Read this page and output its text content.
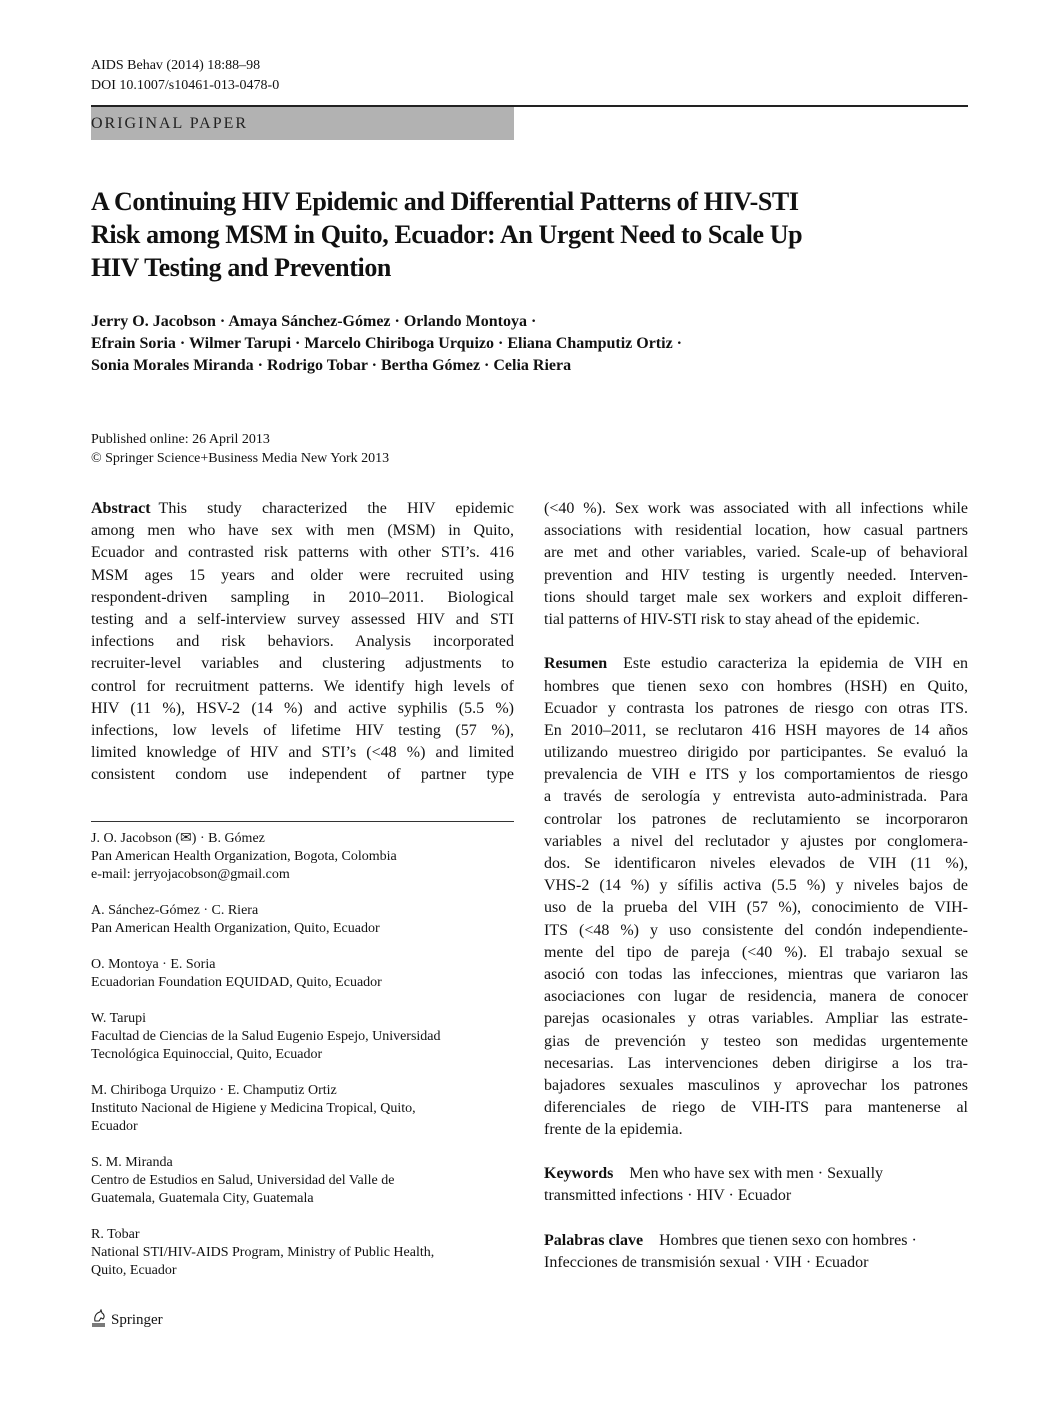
AIDS Behav (2014) 18:88–98
DOI 10.1007/s10461-013-0478-0
ORIGINAL PAPER
A Continuing HIV Epidemic and Differential Patterns of HIV-STI
Risk among MSM in Quito, Ecuador: An Urgent Need to Scale Up
HIV Testing and Prevention
Jerry O. Jacobson · Amaya Sánchez-Gómez · Orlando Montoya ·
Efrain Soria · Wilmer Tarupi · Marcelo Chiriboga Urquizo · Eliana Champutiz Ortiz ·
Sonia Morales Miranda · Rodrigo Tobar · Bertha Gómez · Celia Riera
Published online: 26 April 2013
© Springer Science+Business Media New York 2013
Abstract  This study characterized the HIV epidemic
among men who have sex with men (MSM) in Quito,
Ecuador and contrasted risk patterns with other STI’s. 416
MSM ages 15 years and older were recruited using
respondent-driven sampling in 2010–2011. Biological
testing and a self-interview survey assessed HIV and STI
infections and risk behaviors. Analysis incorporated
recruiter-level variables and clustering adjustments to
control for recruitment patterns. We identify high levels of
HIV (11 %), HSV-2 (14 %) and active syphilis (5.5 %)
infections, low levels of lifetime HIV testing (57 %),
limited knowledge of HIV and STI’s (<48 %) and limited
consistent condom use independent of partner type
(<40 %). Sex work was associated with all infections while
associations with residential location, how casual partners
are met and other variables, varied. Scale-up of behavioral
prevention and HIV testing is urgently needed. Interven-
tions should target male sex workers and exploit differen-
tial patterns of HIV-STI risk to stay ahead of the epidemic.
Resumen  Este estudio caracteriza la epidemia de VIH en
hombres que tienen sexo con hombres (HSH) en Quito,
Ecuador y contrasta los patrones de riesgo con otras ITS.
En 2010–2011, se reclutaron 416 HSH mayores de 14 años
utilizando muestreo dirigido por participantes. Se evaluó la
prevalencia de VIH e ITS y los comportamientos de riesgo
a través de serología y entrevista auto-administrada. Para
controlar los patrones de reclutamiento se incorporaron
variables a nivel del reclutador y ajustes por conglomera-
dos. Se identificaron niveles elevados de VIH (11 %),
VHS-2 (14 %) y sífilis activa (5.5 %) y niveles bajos de
uso de la prueba del VIH (57 %), conocimiento de VIH-
ITS (<48 %) y uso consistente del condón independiente-
mente del tipo de pareja (<40 %). El trabajo sexual se
asoció con todas las infecciones, mientras que variaron las
asociaciones con lugar de residencia, manera de conocer
parejas ocasionales y otras variables. Ampliar las estrate-
gias de prevención y testeo son medidas urgentemente
necesarias. Las intervenciones deben dirigirse a los tra-
bajadores sexuales masculinos y aprovechar los patrones
diferenciales de riego de VIH-ITS para mantenerse al
frente de la epidemia.
J. O. Jacobson (✉) · B. Gómez
Pan American Health Organization, Bogota, Colombia
e-mail: jerryojacobson@gmail.com
A. Sánchez-Gómez · C. Riera
Pan American Health Organization, Quito, Ecuador
O. Montoya · E. Soria
Ecuadorian Foundation EQUIDAD, Quito, Ecuador
W. Tarupi
Facultad de Ciencias de la Salud Eugenio Espejo, Universidad
Tecnológica Equinoccial, Quito, Ecuador
M. Chiriboga Urquizo · E. Champutiz Ortiz
Instituto Nacional de Higiene y Medicina Tropical, Quito,
Ecuador
S. M. Miranda
Centro de Estudios en Salud, Universidad del Valle de
Guatemala, Guatemala City, Guatemala
R. Tobar
National STI/HIV-AIDS Program, Ministry of Public Health,
Quito, Ecuador
Keywords  Men who have sex with men · Sexually
transmitted infections · HIV · Ecuador
Palabras clave  Hombres que tienen sexo con hombres ·
Infecciones de transmisión sexual · VIH · Ecuador
Springer
